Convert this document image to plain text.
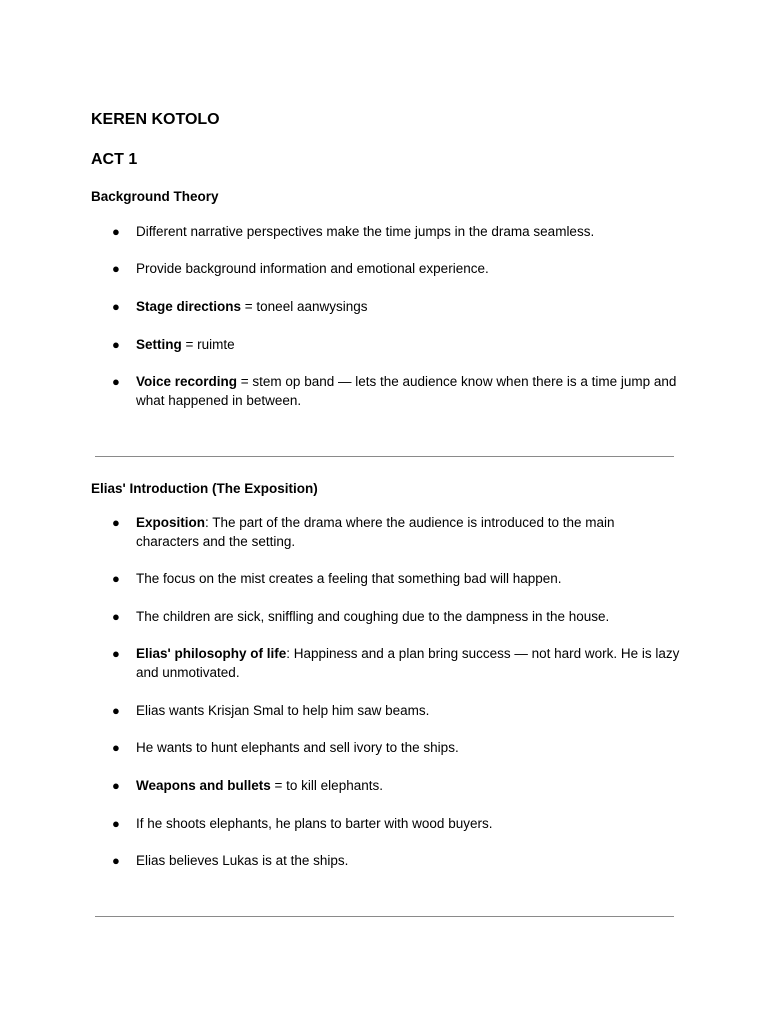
KEREN KOTOLO
ACT 1
Background Theory
● Different narrative perspectives make the time jumps in the drama seamless.
● Provide background information and emotional experience.
● Stage directions = toneel aanwysings
● Setting = ruimte
● Voice recording = stem op band — lets the audience know when there is a time jump and what happened in between.
Elias' Introduction (The Exposition)
● Exposition: The part of the drama where the audience is introduced to the main characters and the setting.
● The focus on the mist creates a feeling that something bad will happen.
● The children are sick, sniffling and coughing due to the dampness in the house.
● Elias' philosophy of life: Happiness and a plan bring success — not hard work. He is lazy and unmotivated.
● Elias wants Krisjan Smal to help him saw beams.
● He wants to hunt elephants and sell ivory to the ships.
● Weapons and bullets = to kill elephants.
● If he shoots elephants, he plans to barter with wood buyers.
● Elias believes Lukas is at the ships.
